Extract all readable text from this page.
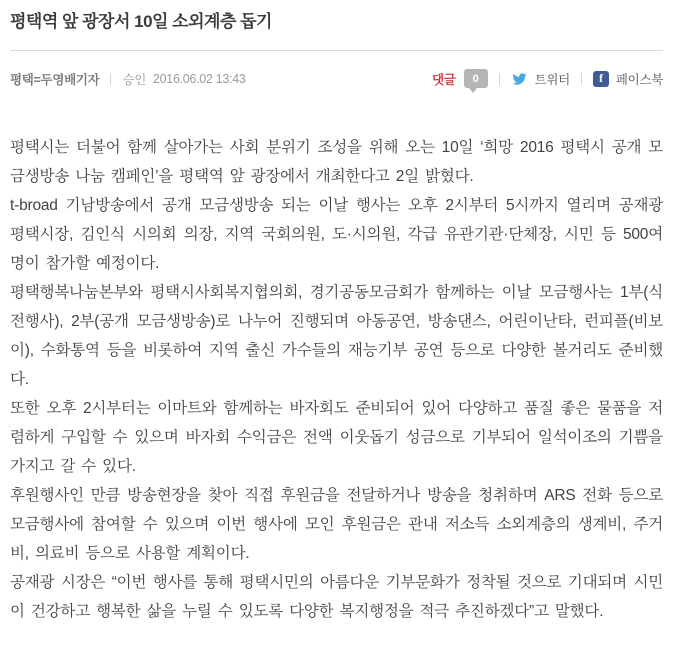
평택역 앞 광장서 10일 소외계층 돕기
평택=두영배기자 승인 2016.06.02 13:43	댓글	0	트위터	f	페이스북

평택시는 더불어 함께 살아가는 사회 분위기 조성을 위해 오는 10일 ‘희망 2016 평택시 공개 모금생방송 나눔 캠페인’을 평택역 앞 광장에서 개최한다고 2일 밝혔다.

t-broad 기남방송에서 공개 모금생방송 되는 이날 행사는 오후 2시부터 5시까지 열리며 공재광 평택시장, 김인식 시의회 의장, 지역 국회의원, 도·시의원, 각급 유관기관·단체장, 시민 등 500여명이 참가할 예정이다.

평택행복나눔본부와 평택시사회복지협의회, 경기공동모금회가 함께하는 이날 모금행사는 1부(식전행사), 2부(공개 모금생방송)로 나누어 진행되며 아동공연, 방송댄스, 어린이난타, 런피플(비보이), 수화통역 등을 비롯하여 지역 출신 가수들의 재능기부 공연 등으로 다양한 볼거리도 준비했다.

또한 오후 2시부터는 이마트와 함께하는 바자회도 준비되어 있어 다양하고 품질 좋은 물품을 저렴하게 구입할 수 있으며 바자회 수익금은 전액 이웃돕기 성금으로 기부되어 일석이조의 기쁨을 가지고 갈 수 있다.

후원행사인 만큼 방송현장을 찾아 직접 후원금을 전달하거나 방송을 청취하며 ARS 전화 등으로 모금행사에 참여할 수 있으며 이번 행사에 모인 후원금은 관내 저소득 소외계층의 생계비, 주거비, 의료비 등으로 사용할 계획이다.

공재광 시장은 “이번 행사를 통해 평택시민의 아름다운 기부문화가 정착될 것으로 기대되며 시민이 건강하고 행복한 삶을 누릴 수 있도록 다양한 복지행정을 적극 추진하겠다”고 말했다.
